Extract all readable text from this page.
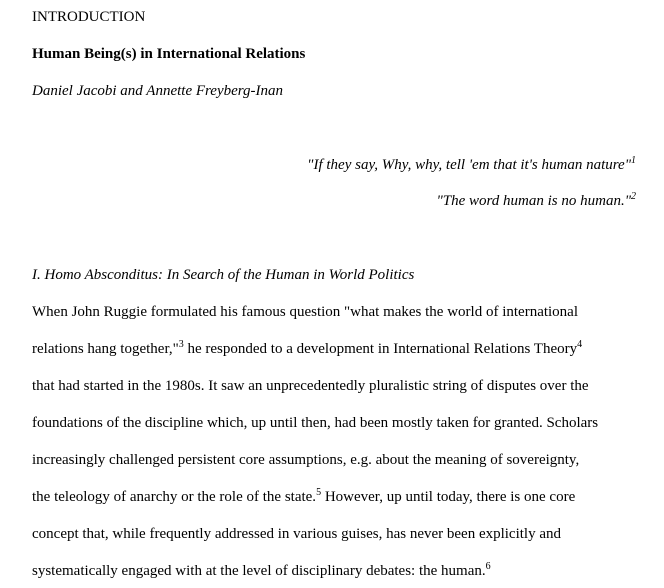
INTRODUCTION
Human Being(s) in International Relations
Daniel Jacobi and Annette Freyberg-Inan
"If they say, Why, why, tell 'em that it's human nature"$^1$
"The word human is no human."$^2$
I. Homo Absconditus: In Search of the Human in World Politics
When John Ruggie formulated his famous question "what makes the world of international
relations hang together,"$^3$ he responded to a development in International Relations Theory$^4$
that had started in the 1980s. It saw an unprecedentedly pluralistic string of disputes over the
foundations of the discipline which, up until then, had been mostly taken for granted. Scholars
increasingly challenged persistent core assumptions, e.g. about the meaning of sovereignty,
the teleology of anarchy or the role of the state.$^5$ However, up until today, there is one core
concept that, while frequently addressed in various guises, has never been explicitly and
systematically engaged with at the level of disciplinary debates: the human.$^6$
